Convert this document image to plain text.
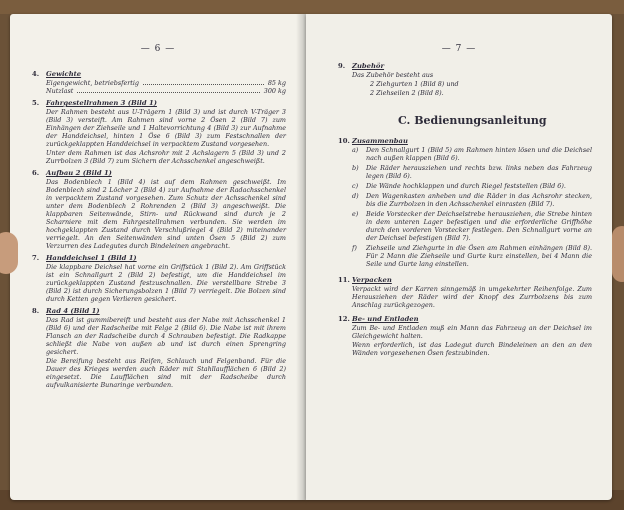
— 6 —
4.	Gewichte
Eigengewicht, betriebsfertig	85 kg
Nutzlast	300 kg
5.	Fahrgestellrahmen 3 (Bild 1)

Der Rahmen besteht aus U-Trägern 1 (Bild 3) und ist durch V-Träger 3 (Bild 3) versteift. Am Rahmen sind vorne 2 Ösen 2 (Bild 7) zum Einhängen der Ziehseile und 1 Haltevorrichtung 4 (Bild 3) zur Aufnahme der Handdeichsel, hinten 1 Öse 6 (Bild 3) zum Festschnallen der zurückgeklappten Handdeichsel in verpacktem Zustand vorgesehen.

Unter dem Rahmen ist das Achsrohr mit 2 Achslagern 5 (Bild 3) und 2 Zurrbolzen 3 (Bild 7) zum Sichern der Achsschenkel angeschweißt.

6.	Aufbau 2 (Bild 1)

Das Bodenblech 1 (Bild 4) ist auf dem Rahmen geschweißt. Im Bodenblech sind 2 Löcher 2 (Bild 4) zur Aufnahme der Radachsschenkel in verpacktem Zustand vorgesehen. Zum Schutz der Achsschenkel sind unter dem Bodenblech 2 Rohrenden 2 (Bild 3) angeschweißt. Die klappbaren Seitenwände, Stirn- und Rückwand sind durch je 2 Scharniere mit dem Fahrgestellrahmen verbunden. Sie werden im hochgeklappten Zustand durch Verschlußriegel 4 (Bild 2) miteinander verriegelt. An den Seitenwänden sind unten Ösen 5 (Bild 2) zum Verzurren des Ladegutes durch Bindeleinen angebracht.

7.	Handdeichsel 1 (Bild 1)

Die klappbare Deichsel hat vorne ein Griffstück 1 (Bild 2). Am Griffstück ist ein Schnallgurt 2 (Bild 2) befestigt, um die Handdeichsel im zurückgeklappten Zustand festzuschnallen. Die verstellbare Strebe 3 (Bild 2) ist durch Sicherungsbolzen 1 (Bild 7) verriegelt. Die Bolzen sind durch Ketten gegen Verlieren gesichert.

8.	Rad 4 (Bild 1)

Das Rad ist gummibereift und besteht aus der Nabe mit Achsschenkel 1 (Bild 6) und der Radscheibe mit Felge 2 (Bild 6). Die Nabe ist mit ihrem Flansch an der Radscheibe durch 4 Schrauben befestigt. Die Radkappe schließt die Nabe von außen ab und ist durch einen Sprengring gesichert.

Die Bereifung besteht aus Reifen, Schlauch und Felgenband. Für die Dauer des Krieges werden auch Räder mit Stahllaufflächen 6 (Bild 2) eingesetzt. Die Laufflächen sind mit der Radscheibe durch aufvulkanisierte Bunaringe verbunden.

— 7 —
9.	Zubehör

Das Zubehör besteht aus

2 Ziehgurten 1 (Bild 8) und
2 Ziehseilen 2 (Bild 8).
C. Bedienungsanleitung
10. Zusammenbau
a)	Den Schnallgurt 1 (Bild 5) am Rahmen hinten lösen und die Deichsel nach außen klappen (Bild 6).
b)	Die Räder herausziehen und rechts bzw. links neben das Fahrzeug legen (Bild 6).
c)	Die Wände hochklappen und durch Riegel feststellen (Bild 6).
d)	Den Wagenkasten anheben und die Räder in das Achsrohr stecken, bis die Zurrbolzen in den Achsschenkel einrasten (Bild 7).
e)	Beide Vorstecker der Deichselstrebe herausziehen, die Strebe hinten in dem unteren Lager befestigen und die erforderliche Griffhöhe durch den vorderen Vorstecker festlegen. Den Schnallgurt vorne an der Deichsel befestigen (Bild 7).
f)	Ziehseile und Ziehgurte in die Ösen am Rahmen einhängen (Bild 8). Für 2 Mann die Ziehseile und Gurte kurz einstellen, bei 4 Mann die Seile und Gurte lang einstellen.
11. Verpacken

Verpackt wird der Karren sinngemäß in umgekehrter Reihenfolge. Zum Herausziehen der Räder wird der Knopf des Zurrbolzens bis zum Anschlag zurückgezogen.

12. Be- und Entladen

Zum Be- und Entladen muß ein Mann das Fahrzeug an der Deichsel im Gleichgewicht halten.

Wenn erforderlich, ist das Ladegut durch Bindeleinen an den an den Wänden vorgesehenen Ösen festzubinden.
